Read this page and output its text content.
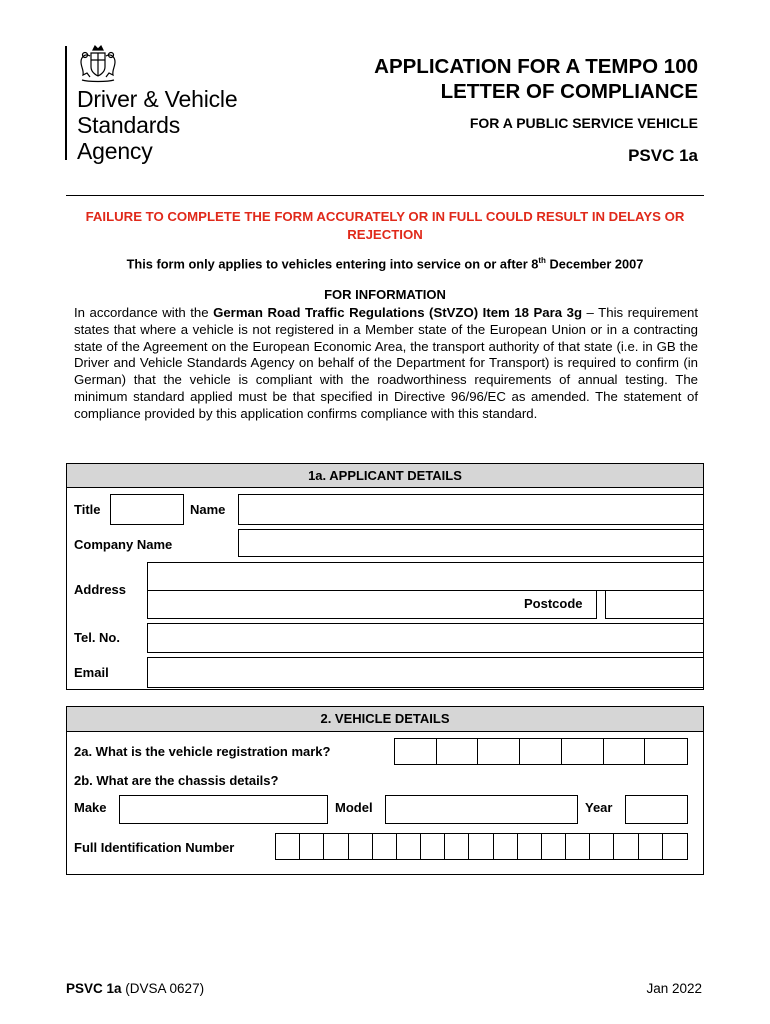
Driver & Vehicle
Standards
Agency
APPLICATION FOR A TEMPO 100
LETTER OF COMPLIANCE
FOR A PUBLIC SERVICE VEHICLE
PSVC 1a
FAILURE TO COMPLETE THE FORM ACCURATELY OR IN FULL COULD RESULT IN DELAYS OR REJECTION
This form only applies to vehicles entering into service on or after 8th December 2007
FOR INFORMATION
In accordance with the German Road Traffic Regulations (StVZO) Item 18 Para 3g – This requirement states that where a vehicle is not registered in a Member state of the European Union or in a contracting state of the Agreement on the European Economic Area, the transport authority of that state (i.e. in GB the Driver and Vehicle Standards Agency on behalf of the Department for Transport) is required to confirm (in German) that the vehicle is compliant with the roadworthiness requirements of annual testing. The minimum standard applied must be that specified in Directive 96/96/EC as amended. The statement of compliance provided by this application confirms compliance with this standard.
1a. APPLICANT DETAILS
Title	Name
Company Name
Address
Postcode
Tel. No.
Email
2. VEHICLE DETAILS
2a. What is the vehicle registration mark?
2b. What are the chassis details?
Make	Model	Year
Full Identification Number
PSVC 1a (DVSA 0627)	Jan 2022
